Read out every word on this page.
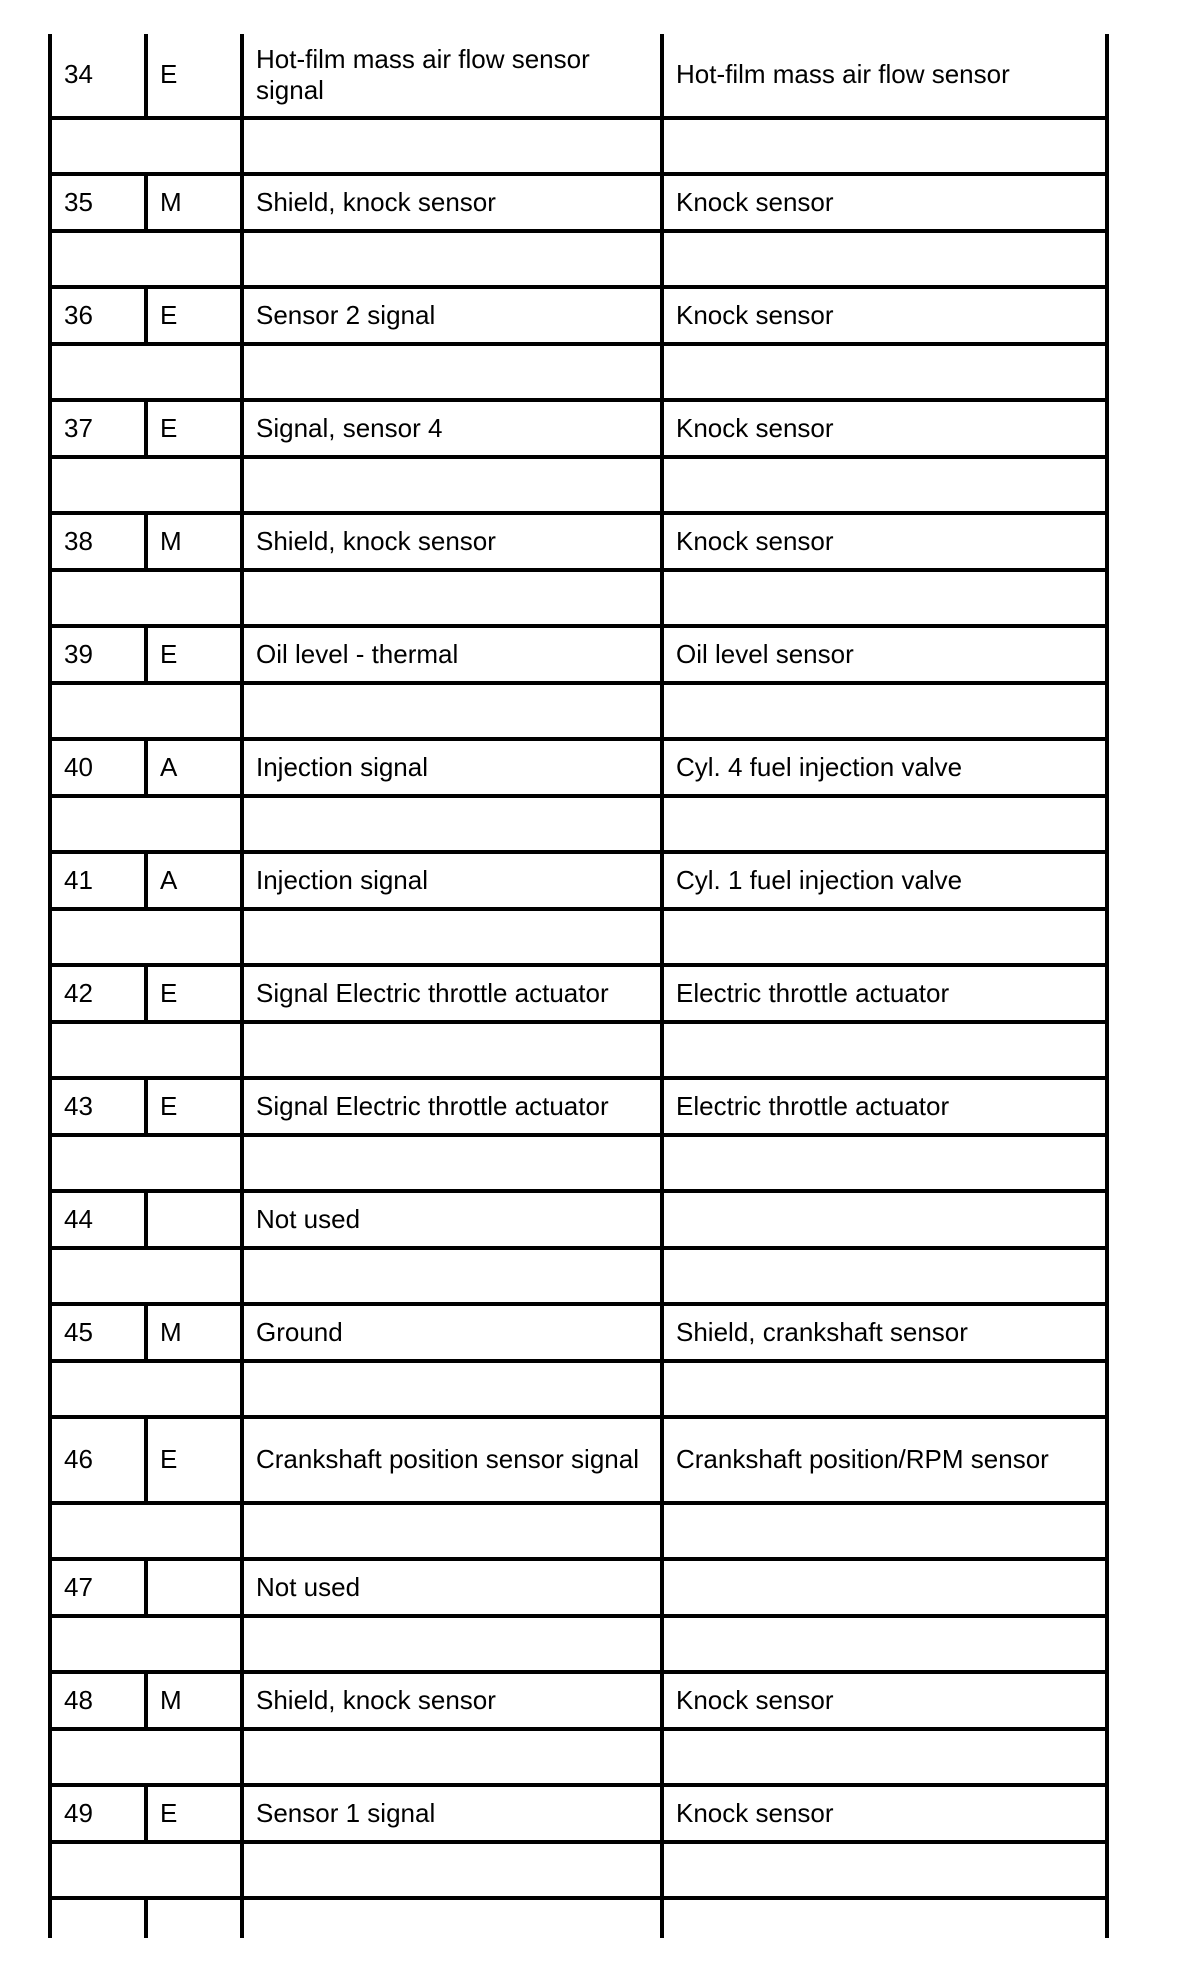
34	E	Hot-film mass air flow sensor signal	Hot-film mass air flow sensor

35	M	Shield, knock sensor	Knock sensor

36	E	Sensor 2 signal	Knock sensor

37	E	Signal, sensor 4	Knock sensor

38	M	Shield, knock sensor	Knock sensor

39	E	Oil level - thermal	Oil level sensor

40	A	Injection signal	Cyl. 4 fuel injection valve

41	A	Injection signal	Cyl. 1 fuel injection valve

42	E	Signal Electric throttle actuator	Electric throttle actuator

43	E	Signal Electric throttle actuator	Electric throttle actuator

44		Not used	

45	M	Ground	Shield, crankshaft sensor

46	E	Crankshaft position sensor signal	Crankshaft position/RPM sensor

47		Not used	

48	M	Shield, knock sensor	Knock sensor

49	E	Sensor 1 signal	Knock sensor
